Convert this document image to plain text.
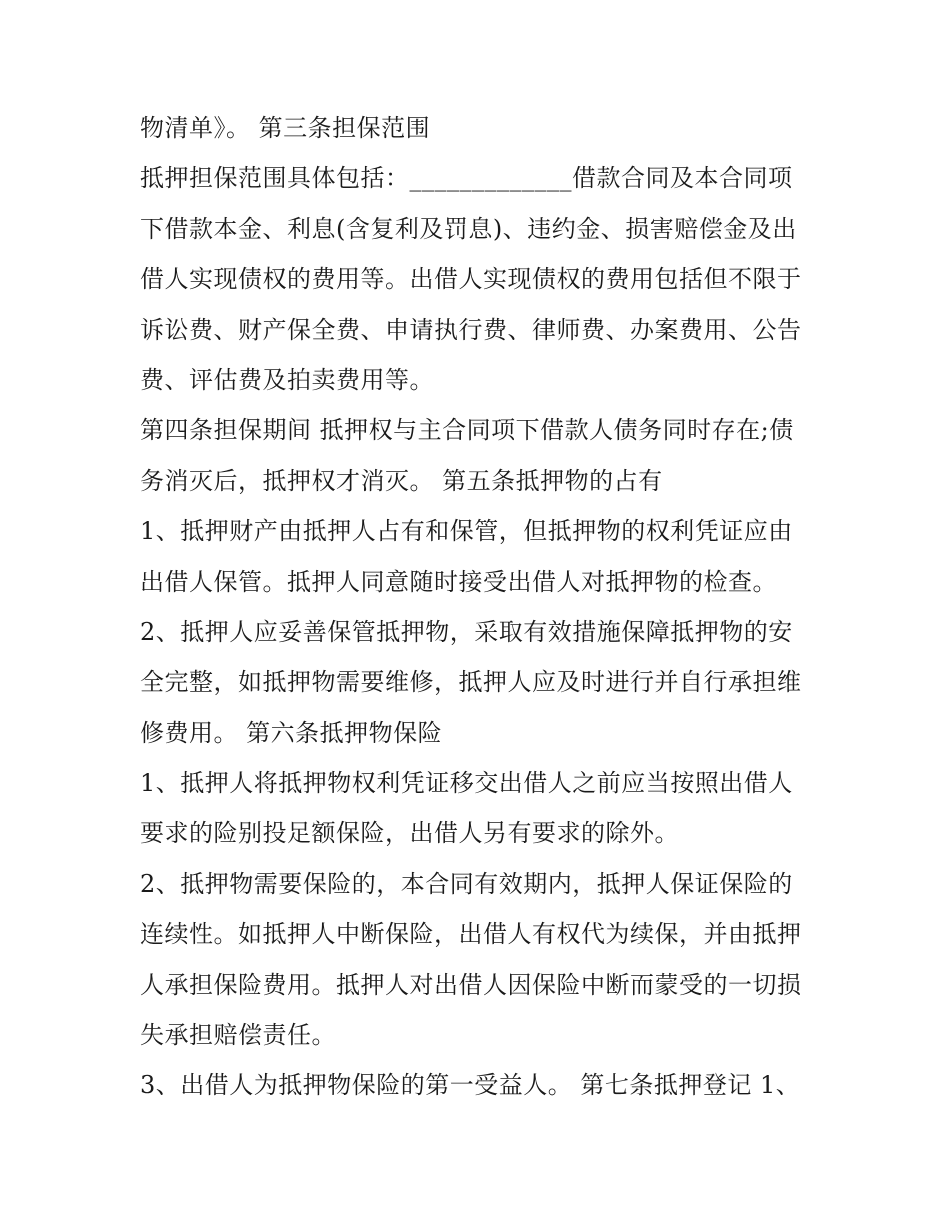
物清单》。 第三条担保范围
抵押担保范围具体包括：_____________借款合同及本合同项
下借款本金、利息(含复利及罚息)、违约金、损害赔偿金及出
借人实现债权的费用等。出借人实现债权的费用包括但不限于
诉讼费、财产保全费、申请执行费、律师费、办案费用、公告
费、评估费及拍卖费用等。
第四条担保期间 抵押权与主合同项下借款人债务同时存在;债
务消灭后，抵押权才消灭。 第五条抵押物的占有
1、抵押财产由抵押人占有和保管，但抵押物的权利凭证应由
出借人保管。抵押人同意随时接受出借人对抵押物的检查。
2、抵押人应妥善保管抵押物，采取有效措施保障抵押物的安
全完整，如抵押物需要维修，抵押人应及时进行并自行承担维
修费用。 第六条抵押物保险
1、抵押人将抵押物权利凭证移交出借人之前应当按照出借人
要求的险别投足额保险，出借人另有要求的除外。
2、抵押物需要保险的，本合同有效期内，抵押人保证保险的
连续性。如抵押人中断保险，出借人有权代为续保，并由抵押
人承担保险费用。抵押人对出借人因保险中断而蒙受的一切损
失承担赔偿责任。
3、出借人为抵押物保险的第一受益人。 第七条抵押登记 1、
